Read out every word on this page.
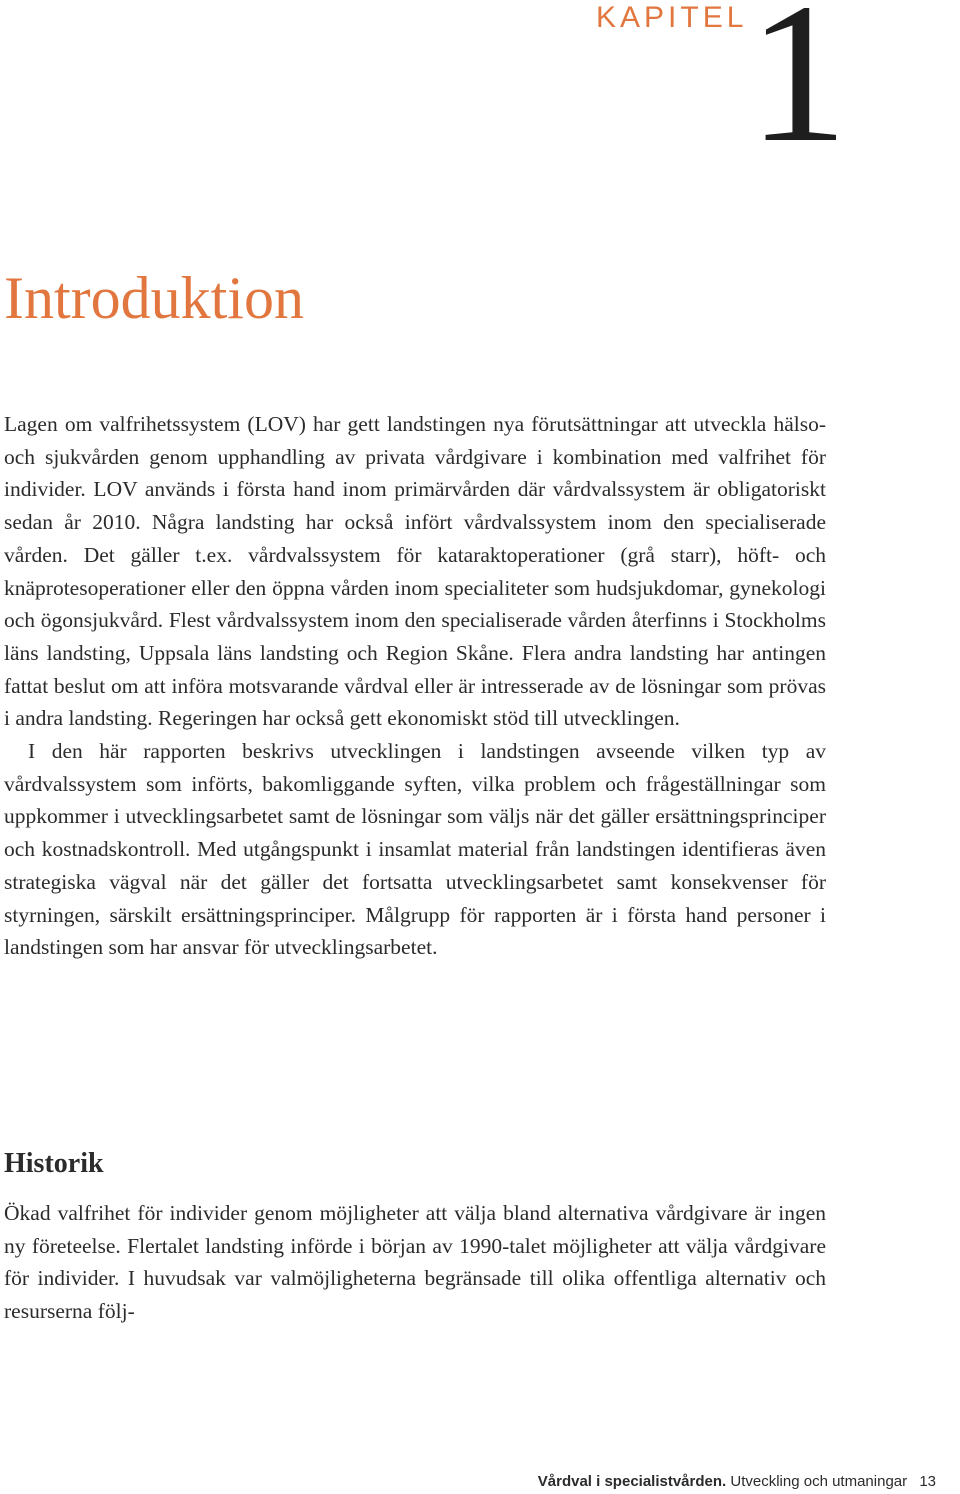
KAPITEL 1
Introduktion

Lagen om valfrihetssystem (LOV) har gett landstingen nya förutsättningar att utveckla hälso- och sjukvården genom upphandling av privata vårdgivare i kombination med valfrihet för individer. LOV används i första hand inom primärvården där vårdvalssystem är obligatoriskt sedan år 2010. Några landsting har också infört vårdvalssystem inom den specialiserade vården. Det gäller t.ex. vårdvalssystem för kataraktoperationer (grå starr), höft- och knäprotesoperationer eller den öppna vården inom specialiteter som hudsjukdomar, gynekologi och ögonsjukvård. Flest vårdvalssystem inom den specialiserade vården återfinns i Stockholms läns landsting, Uppsala läns landsting och Region Skåne. Flera andra landsting har antingen fattat beslut om att införa motsvarande vårdval eller är intresserade av de lösningar som prövas i andra landsting. Regeringen har också gett ekonomiskt stöd till utvecklingen.

I den här rapporten beskrivs utvecklingen i landstingen avseende vilken typ av vårdvalssystem som införts, bakomliggande syften, vilka problem och frågeställningar som uppkommer i utvecklingsarbetet samt de lösningar som väljs när det gäller ersättningsprinciper och kostnadskontroll. Med utgångspunkt i insamlat material från landstingen identifieras även strategiska vägval när det gäller det fortsatta utvecklingsarbetet samt konsekvenser för styrningen, särskilt ersättningsprinciper. Målgrupp för rapporten är i första hand personer i landstingen som har ansvar för utvecklingsarbetet.

Historik

Ökad valfrihet för individer genom möjligheter att välja bland alternativa vårdgivare är ingen ny företeelse. Flertalet landsting införde i början av 1990-talet möjligheter att välja vårdgivare för individer. I huvudsak var valmöjligheterna begränsade till olika offentliga alternativ och resurserna följ-

Vårdval i specialistvården. Utveckling och utmaningar 13
